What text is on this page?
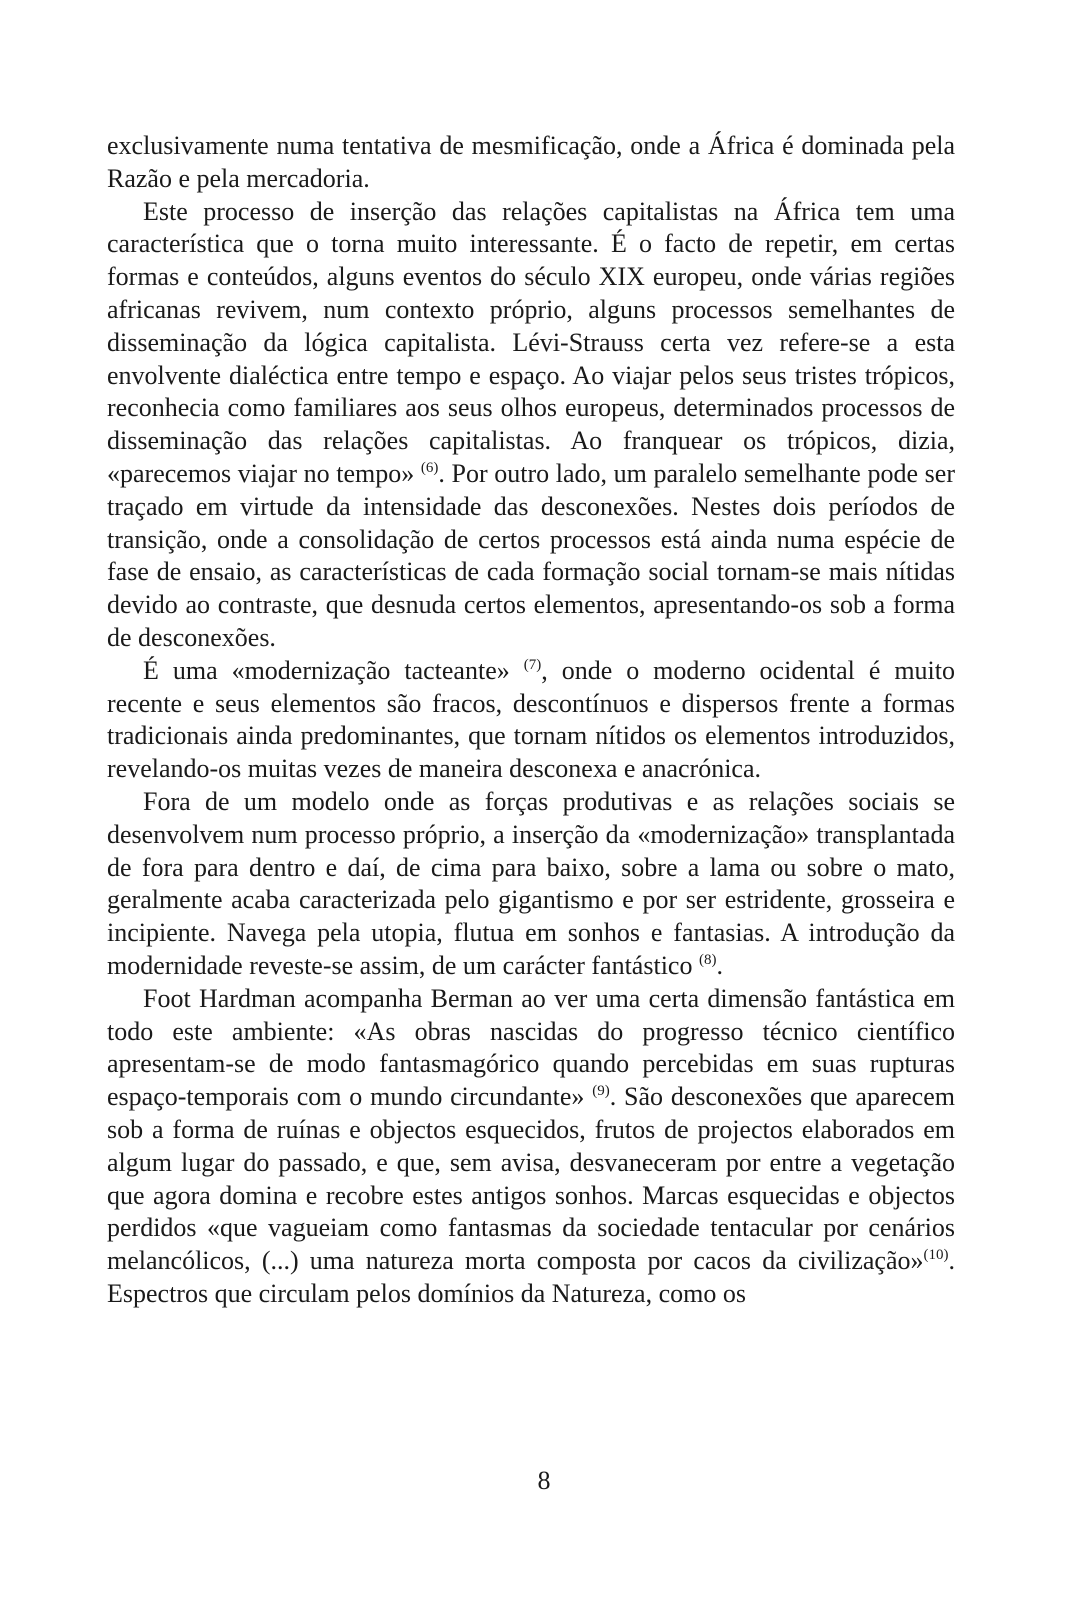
exclusivamente numa tentativa de mesmificação, onde a África é dominada pela Razão e pela mercadoria.

Este processo de inserção das relações capitalistas na África tem uma característica que o torna muito interessante. É o facto de repetir, em certas formas e conteúdos, alguns eventos do século XIX europeu, onde várias regiões africanas revivem, num contexto próprio, alguns processos semelhantes de disseminação da lógica capitalista. Lévi-Strauss certa vez refere-se a esta envolvente dialéctica entre tempo e espaço. Ao viajar pelos seus tristes trópicos, reconhecia como familiares aos seus olhos europeus, determinados processos de disseminação das relações capitalistas. Ao franquear os trópicos, dizia, «parecemos viajar no tempo» $^{(6)}$. Por outro lado, um paralelo semelhante pode ser traçado em virtude da intensidade das desconexões. Nestes dois períodos de transição, onde a consolidação de certos processos está ainda numa espécie de fase de ensaio, as características de cada formação social tornam-se mais nítidas devido ao contraste, que desnuda certos elementos, apresentando-os sob a forma de desconexões.

É uma «modernização tacteante» $^{(7)}$, onde o moderno ocidental é muito recente e seus elementos são fracos, descontínuos e dispersos frente a formas tradicionais ainda predominantes, que tornam nítidos os elementos introduzidos, revelando-os muitas vezes de maneira desconexa e anacrónica.

Fora de um modelo onde as forças produtivas e as relações sociais se desenvolvem num processo próprio, a inserção da «modernização» transplantada de fora para dentro e daí, de cima para baixo, sobre a lama ou sobre o mato, geralmente acaba caracterizada pelo gigantismo e por ser estridente, grosseira e incipiente. Navega pela utopia, flutua em sonhos e fantasias. A introdução da modernidade reveste-se assim, de um carácter fantástico $^{(8)}$.

Foot Hardman acompanha Berman ao ver uma certa dimensão fantástica em todo este ambiente: «As obras nascidas do progresso técnico científico apresentam-se de modo fantasmagórico quando percebidas em suas rupturas espaço-temporais com o mundo circundante» $^{(9)}$. São desconexões que aparecem sob a forma de ruínas e objectos esquecidos, frutos de projectos elaborados em algum lugar do passado, e que, sem avisa, desvaneceram por entre a vegetação que agora domina e recobre estes antigos sonhos. Marcas esquecidas e objectos perdidos «que vagueiam como fantasmas da sociedade tentacular por cenários melancólicos, (...) uma natureza morta composta por cacos da civilização»$^{(10)}$. Espectros que circulam pelos domínios da Natureza, como os

8
